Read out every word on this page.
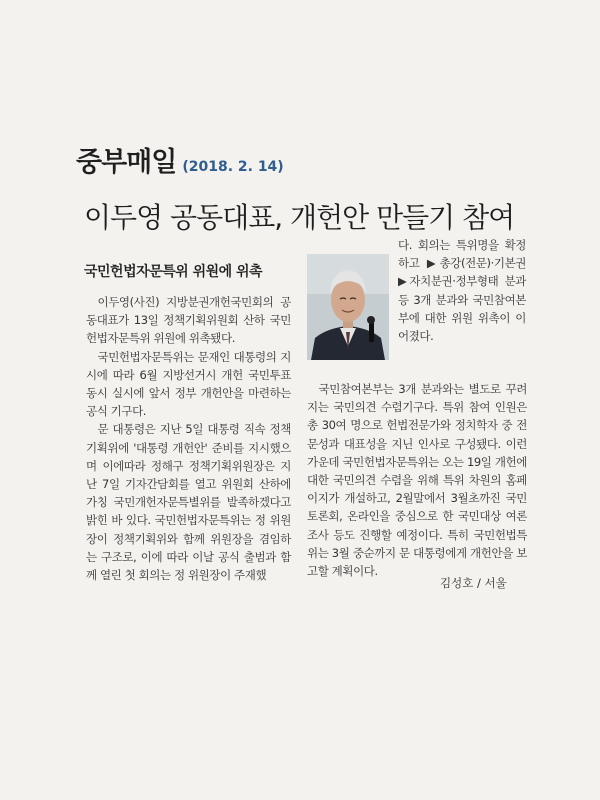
중부매일 (2018. 2. 14)
이두영 공동대표, 개헌안 만들기 참여
국민헌법자문특위 위원에 위촉

이두영(사진) 지방분권개헌국민회의 공동대표가 13일 정책기획위원회 산하 국민헌법자문특위 위원에 위촉됐다.

국민헌법자문특위는 문재인 대통령의 지시에 따라 6월 지방선거시 개헌 국민투표 동시 실시에 앞서 정부 개헌안을 마련하는 공식 기구다.

문 대통령은 지난 5일 대통령 직속 정책기획위에 '대통령 개헌안' 준비를 지시했으며 이에따라 정해구 정책기획위원장은 지난 7일 기자간담회를 열고 위원회 산하에 가칭 국민개헌자문특별위를 발족하겠다고 밝힌 바 있다. 국민헌법자문특위는 정 위원장이 정책기획위와 함께 위원장을 겸임하는 구조로, 이에 따라 이날 공식 출범과 함께 열린 첫 회의는 정 위원장이 주재했

다. 회의는 특위명을 확정하고 ▶총강(전문)·기본권 ▶자치분권·정부형태 분과 등 3개 분과와 국민참여본부에 대한 위원 위촉이 이어졌다.

국민참여본부는 3개 분과와는 별도로 꾸려지는 국민의견 수렴기구다. 특위 참여 인원은 총 30여 명으로 헌법전문가와 정치학자 중 전문성과 대표성을 지닌 인사로 구성됐다. 이런 가운데 국민헌법자문특위는 오는 19일 개헌에 대한 국민의견 수렴을 위해 특위 차원의 홈페이지가 개설하고, 2월말에서 3월초까진 국민토론회, 온라인을 중심으로 한 국민대상 여론조사 등도 진행할 예정이다. 특히 국민헌법특위는 3월 중순까지 문 대통령에게 개헌안을 보고할 계획이다.

김성호 / 서울
